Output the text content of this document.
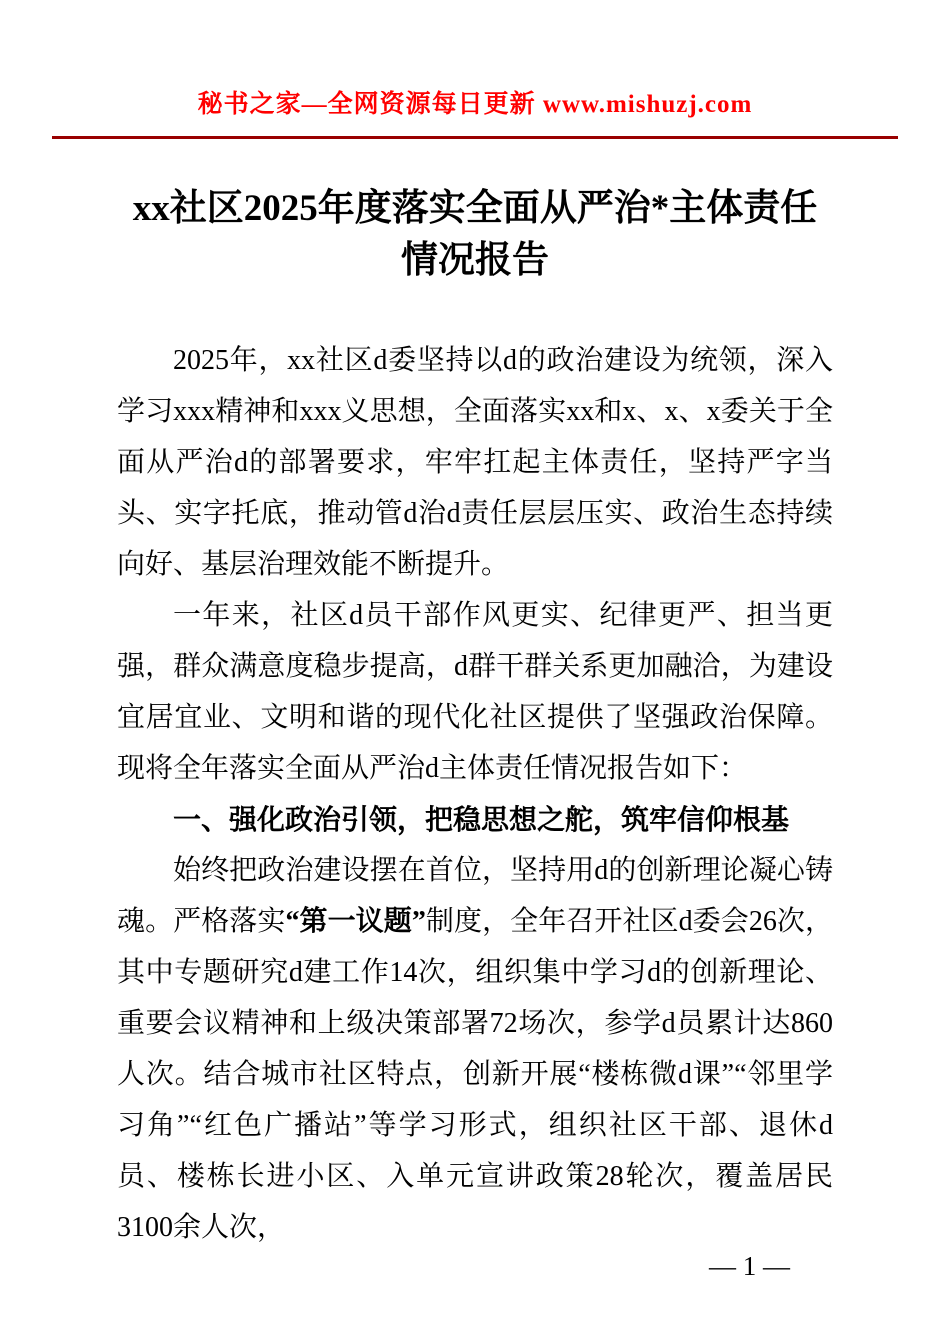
秘书之家—全网资源每日更新 www.mishuzj.com
xx社区2025年度落实全面从严治*主体责任
情况报告

2025年，xx社区d委坚持以d的政治建设为统领，深入学习xxx精神和xxx义思想，全面落实xx和x、x、x委关于全面从严治d的部署要求，牢牢扛起主体责任，坚持严字当头、实字托底，推动管d治d责任层层压实、政治生态持续向好、基层治理效能不断提升。

一年来，社区d员干部作风更实、纪律更严、担当更强，群众满意度稳步提高，d群干群关系更加融洽，为建设宜居宜业、文明和谐的现代化社区提供了坚强政治保障。现将全年落实全面从严治d主体责任情况报告如下：

一、强化政治引领，把稳思想之舵，筑牢信仰根基

始终把政治建设摆在首位，坚持用d的创新理论凝心铸魂。严格落实“第一议题”制度，全年召开社区d委会26次，其中专题研究d建工作14次，组织集中学习d的创新理论、重要会议精神和上级决策部署72场次，参学d员累计达860人次。结合城市社区特点，创新开展“楼栋微d课”“邻里学习角”“红色广播站”等学习形式，组织社区干部、退休d员、楼栋长进小区、入单元宣讲政策28轮次，覆盖居民3100余人次，

— 1 —
